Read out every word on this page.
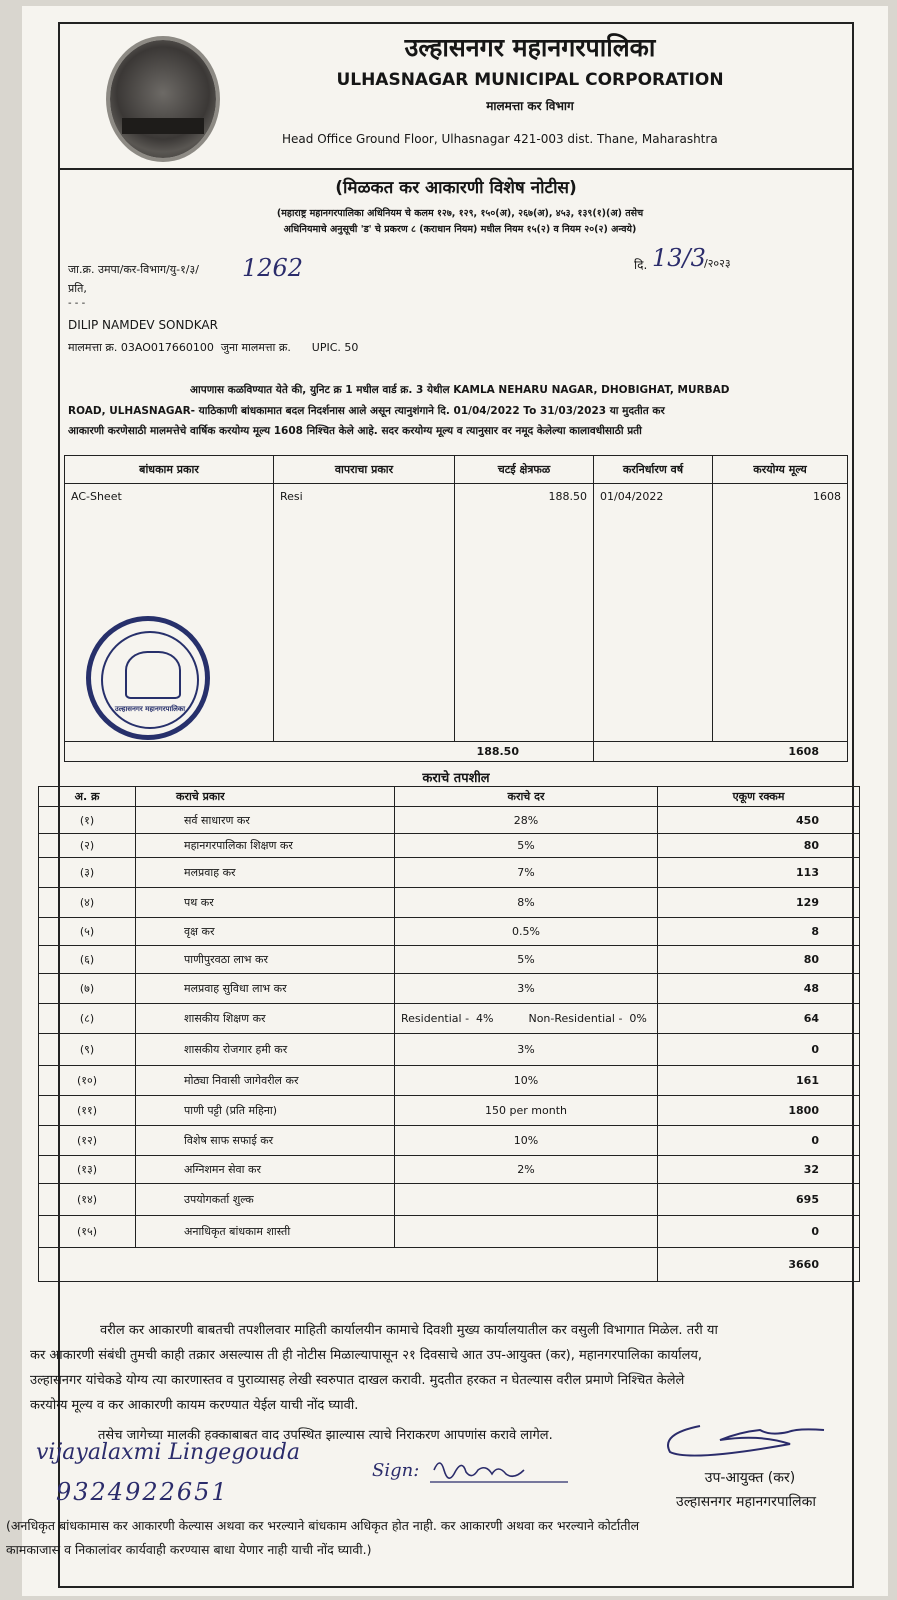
उल्हासनगर महानगरपालिका
ULHASNAGAR MUNICIPAL CORPORATION
मालमत्ता कर विभाग
Head Office Ground Floor, Ulhasnagar 421-003 dist. Thane, Maharashtra
(मिळकत कर आकारणी विशेष नोटीस)
(महाराष्ट्र महानगरपालिका अधिनियम चे कलम १२७, १२९, १५०(अ), २६७(अ), ४५३, १३९(१)(अ) तसेच
अधिनियमाचे अनुसूची 'ड' चे प्रकरण ८ (कराधान नियम) मधील नियम १५(२) व नियम २०(२) अन्वये)
जा.क्र. उमपा/कर-विभाग/यु-१/३/ 1262	दि. 13/3
/२०२३
प्रति,
- - -
DILIP NAMDEV SONDKAR
मालमत्ता क्र. 03AO017660100 जुना मालमत्ता क्र. UPIC. 50
आपणास कळविण्यात येते की, युनिट क्र 1 मधील वार्ड क्र. 3 येथील KAMLA NEHARU NAGAR, DHOBIGHAT, MURBAD
ROAD, ULHASNAGAR- याठिकाणी बांधकामात बदल निदर्शनास आले असून त्यानुशंगाने दि. 01/04/2022 To 31/03/2023 या मुदतीत कर
आकारणी करणेसाठी मालमत्तेचे वार्षिक करयोग्य मूल्य 1608 निश्चित केले आहे. सदर करयोग्य मूल्य व त्यानुसार वर नमूद केलेल्या कालावधीसाठी प्रती
बांधकाम प्रकार	वापराचा प्रकार	चटई क्षेत्रफळ	करनिर्धारण वर्ष	करयोग्य मूल्य
AC-Sheet	Resi	188.50	01/04/2022	1608
188.50			1608	
उल्हासनगर महानगरपालिका
कराचे तपशील
अ. क्र	कराचे प्रकार	कराचे दर	एकूण रक्कम
(१)	सर्व साधारण कर	28%	450
(२)	महानगरपालिका शिक्षण कर	5%	80
(३)	मलप्रवाह कर	7%	113
(४)	पथ कर	8%	129
(५)	वृक्ष कर	0.5%	8
(६)	पाणीपुरवठा लाभ कर	5%	80
(७)	मलप्रवाह सुविधा लाभ कर	3%	48
(८)	शासकीय शिक्षण कर	Residential -  4%          Non-Residential -  0%	64
(९)	शासकीय रोजगार हमी कर	3%	0
(१०)	मोठ्या निवासी जागेवरील कर	10%	161
(११)	पाणी पट्टी (प्रति महिना)	150 per month	1800
(१२)	विशेष साफ सफाई कर	10%	0
(१३)	अग्निशमन सेवा कर	2%	32
(१४)	उपयोगकर्ता शुल्क		695
(१५)	अनाधिकृत बांधकाम शास्ती		0
			3660
वरील कर आकारणी बाबतची तपशीलवार माहिती कार्यालयीन कामाचे दिवशी मुख्य कार्यालयातील कर वसुली विभागात मिळेल. तरी या
कर आकारणी संबंधी तुमची काही तक्रार असल्यास ती ही नोटीस मिळाल्यापासून २१ दिवसाचे आत उप-आयुक्त (कर), महानगरपालिका कार्यालय,
उल्हासनगर यांचेकडे योग्य त्या कारणास्तव व पुराव्यासह लेखी स्वरुपात दाखल करावी. मुदतीत हरकत न घेतल्यास वरील प्रमाणे निश्चित केलेले
करयोग्य मूल्य व कर आकारणी कायम करण्यात येईल याची नोंद घ्यावी.
तसेच जागेच्या मालकी हक्काबाबत वाद उपस्थित झाल्यास त्याचे निराकरण आपणांस करावे लागेल.
vijayalaxmi Lingegouda
9324922651
Sign:	उप-आयुक्त (कर)
उल्हासनगर महानगरपालिका
(अनधिकृत बांधकामास कर आकारणी केल्यास अथवा कर भरल्याने बांधकाम अधिकृत होत नाही. कर आकारणी अथवा कर भरल्याने कोर्टातील
कामकाजास व निकालांवर कार्यवाही करण्यास बाधा येणार नाही याची नोंद घ्यावी.)
